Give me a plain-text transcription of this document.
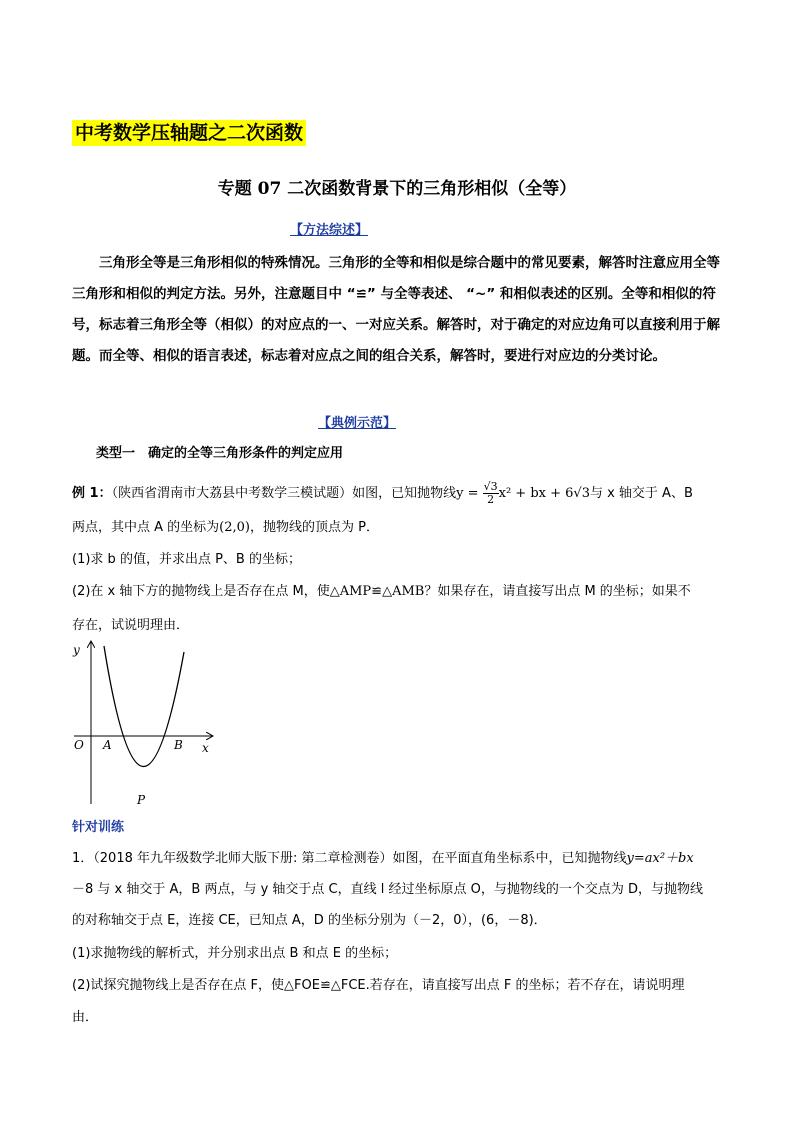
中考数学压轴题之二次函数
专题 07 二次函数背景下的三角形相似（全等）
【方法综述】
三角形全等是三角形相似的特殊情况。三角形的全等和相似是综合题中的常见要素，解答时注意应用全等三角形和相似的判定方法。另外，注意题目中 “≌” 与全等表述、 “~” 和相似表述的区别。全等和相似的符号，标志着三角形全等（相似）的对应点的一、一对应关系。解答时，对于确定的对应边角可以直接利用于解题。而全等、相似的语言表述，标志着对应点之间的组合关系，解答时，要进行对应边的分类讨论。
【典例示范】
类型一　确定的全等三角形条件的判定应用
例 1：（陕西省渭南市大荔县中考数学三模试题）如图，已知抛物线$y = \frac{√3}{2} x^2$ + bx + 6√3与 x 轴交于 A、B
两点，其中点 A 的坐标为(2,0)，抛物线的顶点为 P．
(1)求 b 的值，并求出点 P、B 的坐标；
(2)在 x 轴下方的抛物线上是否存在点 M，使△AMP≌△AMB？如果存在，请直接写出点 M 的坐标；如果不
存在，试说明理由．
y
x
O A	B
P
针对训练
1．（2018 年九年级数学北师大版下册: 第二章检测卷）如图，在平面直角坐标系中，已知抛物线y=ax²＋bx
－8 与 x 轴交于 A，B 两点，与 y 轴交于点 C，直线 l 经过坐标原点 O，与抛物线的一个交点为 D，与抛物线
的对称轴交于点 E，连接 CE，已知点 A，D 的坐标分别为（－2，0），(6，－8)．
(1)求抛物线的解析式，并分别求出点 B 和点 E 的坐标；
(2)试探究抛物线上是否存在点 F，使△FOE≌△FCE.若存在，请直接写出点 F 的坐标；若不存在，请说明理
由．
